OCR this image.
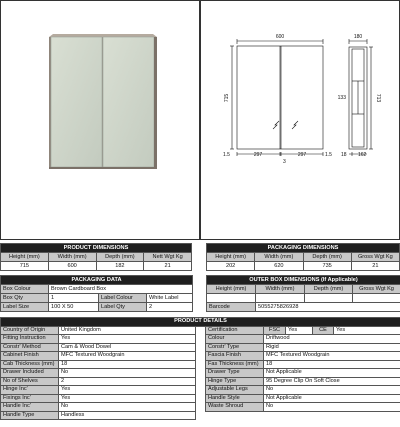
600
715
1.5	297	297	1.5
3
180
713
133
18 162
PRODUCT DIMENSIONS			
Height (mm)	Width (mm)	Depth (mm)	Nett Wgt Kg
715	600	182	21
PACKAGING DIMENSIONS			
Height (mm)	Width (mm)	Depth (mm)	Gross Wgt Kg
202	620	735	21
PACKAGING DATA			
Box Colour	Brown Cardboard Box		
Box Qty	1	Label Colour	White Label
Label Size	100 X 50	Label Qty	2
OUTER BOX DIMENSIONS (If Applicable)			
Height (mm)	Width (mm)	Depth (mm)	Gross Wgt Kg

Barcode	5055275826928		
PRODUCT DETAILS				
Country of Origin	United Kingdom		Certification	FSC Yes CE Yes
Fitting Instruction	Yes		Colour	Driftwood
Constr' Method	Cam & Wood Dowel		Constr' Type	Rigid
Cabinet Finish	MFC Textured Woodgrain		Fascia Finish	MFC Textured Woodgrain
Cab Thickness (mm)	18		Fas Thickness (mm)	18
Drawer Included	No		Drawer Type	Not Applicable
No of Shelves	2		Hinge Type	95 Degree Clip On Soft Close
Hinge Inc'	Yes		Adjustable Legs	No
Fixings Inc'	Yes		Handle Style	Not Applicable
Handle Inc'	No		Waste Shroud	No
Handle Type	Handless			
